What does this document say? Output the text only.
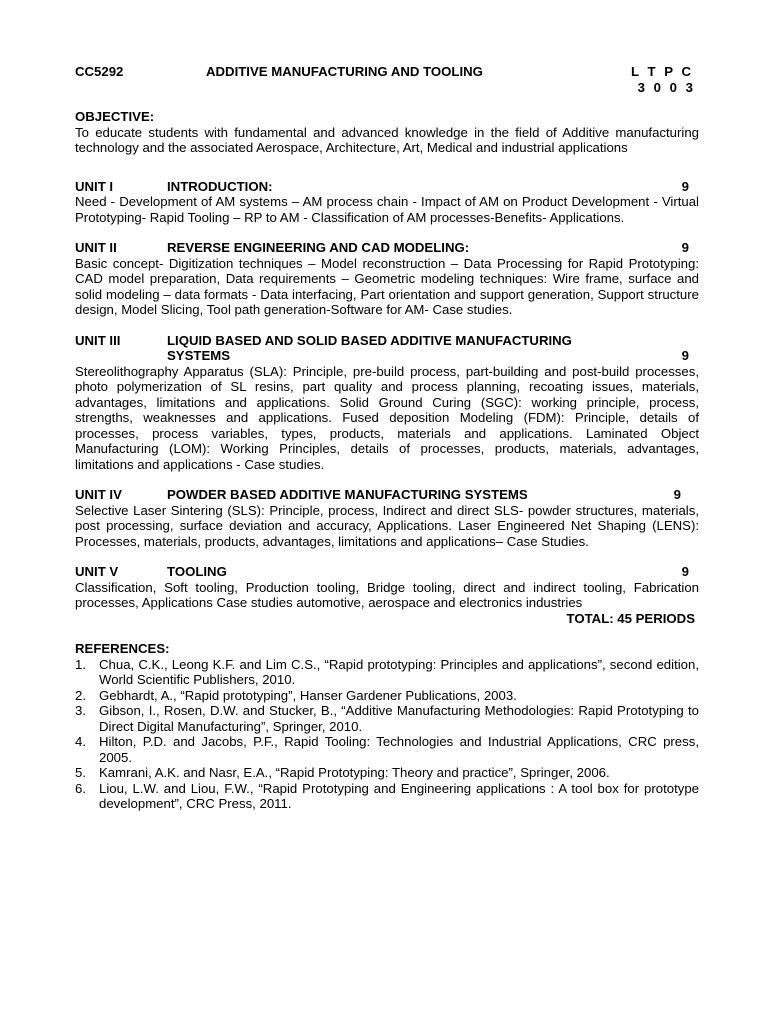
CC5292	ADDITIVE MANUFACTURING AND TOOLING	L T P C
3 0 0 3
OBJECTIVE:
To educate students with fundamental and advanced knowledge in the field of Additive manufacturing technology and the associated Aerospace, Architecture, Art, Medical and industrial applications
UNIT I	INTRODUCTION:	9
Need - Development of AM systems – AM process chain - Impact of AM on Product Development - Virtual Prototyping- Rapid Tooling – RP to AM - Classification of AM processes-Benefits- Applications.
UNIT II	REVERSE ENGINEERING AND CAD MODELING:	9
Basic concept- Digitization techniques – Model reconstruction – Data Processing for Rapid Prototyping: CAD model preparation, Data requirements – Geometric modeling techniques: Wire frame, surface and solid modeling – data formats - Data interfacing, Part orientation and support generation, Support structure design, Model Slicing, Tool path generation-Software for AM- Case studies.
UNIT III	LIQUID BASED AND SOLID BASED ADDITIVE MANUFACTURING SYSTEMS	9
Stereolithography Apparatus (SLA): Principle, pre-build process, part-building and post-build processes, photo polymerization of SL resins, part quality and process planning, recoating issues, materials, advantages, limitations and applications. Solid Ground Curing (SGC): working principle, process, strengths, weaknesses and applications. Fused deposition Modeling (FDM): Principle, details of processes, process variables, types, products, materials and applications. Laminated Object Manufacturing (LOM): Working Principles, details of processes, products, materials, advantages, limitations and applications - Case studies.
UNIT IV	POWDER BASED ADDITIVE MANUFACTURING SYSTEMS	9
Selective Laser Sintering (SLS): Principle, process, Indirect and direct SLS- powder structures, materials, post processing, surface deviation and accuracy, Applications. Laser Engineered Net Shaping (LENS): Processes, materials, products, advantages, limitations and applications– Case Studies.
UNIT V	TOOLING	9
Classification, Soft tooling, Production tooling, Bridge tooling, direct and indirect tooling, Fabrication processes, Applications Case studies automotive, aerospace and electronics industries
TOTAL: 45 PERIODS
REFERENCES:
1. Chua, C.K., Leong K.F. and Lim C.S., “Rapid prototyping: Principles and applications”, second edition, World Scientific Publishers, 2010.
2. Gebhardt, A., “Rapid prototyping”, Hanser Gardener Publications, 2003.
3. Gibson, I., Rosen, D.W. and Stucker, B., “Additive Manufacturing Methodologies: Rapid Prototyping to Direct Digital Manufacturing”, Springer, 2010.
4. Hilton, P.D. and Jacobs, P.F., Rapid Tooling: Technologies and Industrial Applications, CRC press, 2005.
5. Kamrani, A.K. and Nasr, E.A., “Rapid Prototyping: Theory and practice”, Springer, 2006.
6. Liou, L.W. and Liou, F.W., “Rapid Prototyping and Engineering applications : A tool box for prototype development”, CRC Press, 2011.
